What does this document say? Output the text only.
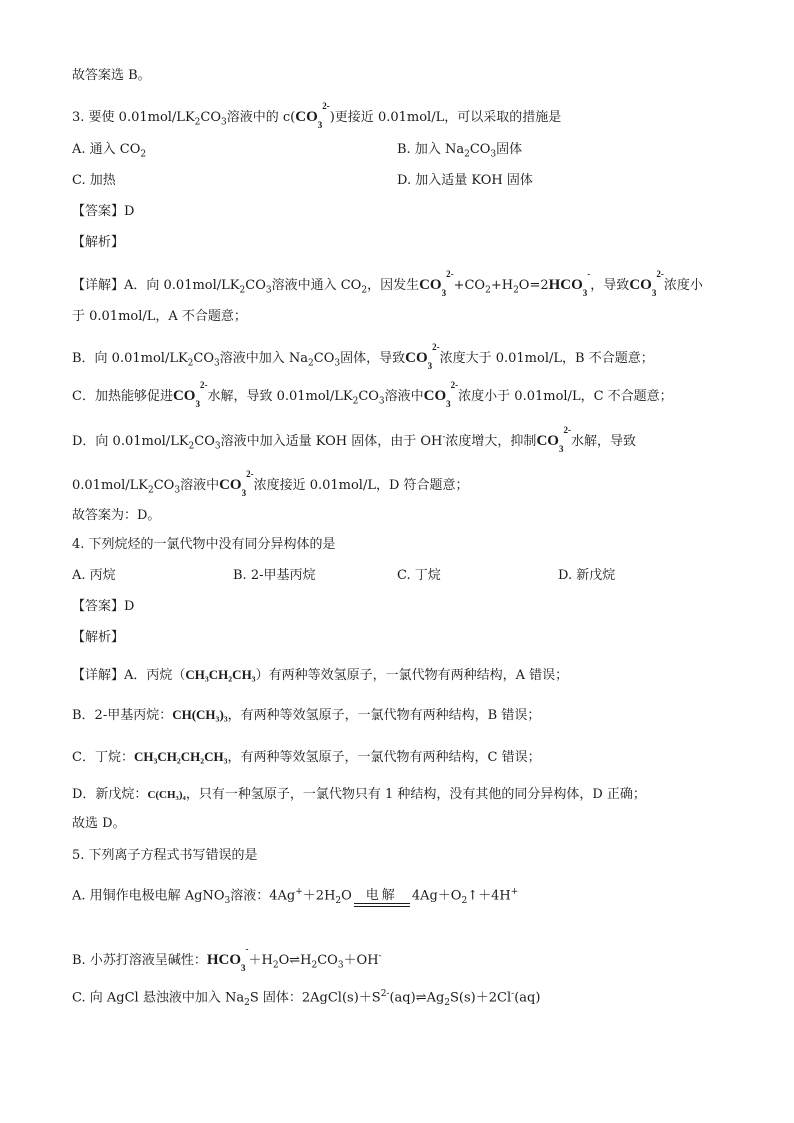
故答案选 B。
3. 要使 $0.01mol/LK_2CO_3$溶液中的 $c(CO_3^{2-})$更接近 0.01mol/L，可以采取的措施是
A. 通入 $CO_2$	B. 加入 $Na_2CO_3$固体
C. 加热	D. 加入适量 KOH 固体
【答案】D
【解析】
【详解】A．向 $0.01mol/LK_2CO_3$溶液中通入 $CO_2$，因发生$CO_3^{2-}+CO_2+H_2O=2HCO_3^-$，导致$CO_3^{2-}$浓度小
于 0.01mol/L，A 不合题意；
B．向 $0.01mol/LK_2CO_3$溶液中加入 $Na_2CO_3$固体，导致$CO_3^{2-}$浓度大于 0.01mol/L，B 不合题意；
C．加热能够促进$CO_3^{2-}$水解，导致 $0.01mol/LK_2CO_3$溶液中$CO_3^{2-}$浓度小于 0.01mol/L，C 不合题意；
D．向 $0.01mol/LK_2CO_3$溶液中加入适量 KOH 固体，由于 OH-浓度增大，抑制$CO_3^{2-}$水解，导致
$0.01mol/LK_2CO_3$溶液中$CO_3^{2-}$浓度接近 0.01mol/L，D 符合题意；
故答案为：D。
4. 下列烷烃的一氯代物中没有同分异构体的是
A. 丙烷	B. 2-甲基丙烷	C. 丁烷	D. 新戊烷
【答案】D
【解析】
【详解】A．丙烷（CH₃CH₂CH₃）有两种等效氢原子，一氯代物有两种结构，A 错误；
B．2-甲基丙烷：CH(CH₃)₃，有两种等效氢原子，一氯代物有两种结构，B 错误；
C．丁烷：CH₃CH₂CH₂CH₃，有两种等效氢原子，一氯代物有两种结构，C 错误；
D．新戊烷：C(CH₃)₄，只有一种氢原子，一氯代物只有 1 种结构，没有其他的同分异构体，D 正确；
故选 D。
5. 下列离子方程式书写错误的是
A. 用铜作电极电解 AgNO$_3$溶液：$4Ag^++2H_2O$	电解	$4Ag+O_2↑+4H^+$
B. 小苏打溶液呈碱性：$HCO_3^-+H_2O\rightleftharpoons H_2CO_3+OH^-$
C. 向 AgCl 悬浊液中加入 $Na_2S$ 固体：$2AgCl(s)+S^{2-}(aq)\rightleftharpoons Ag_2S(s)+2Cl^-(aq)$
